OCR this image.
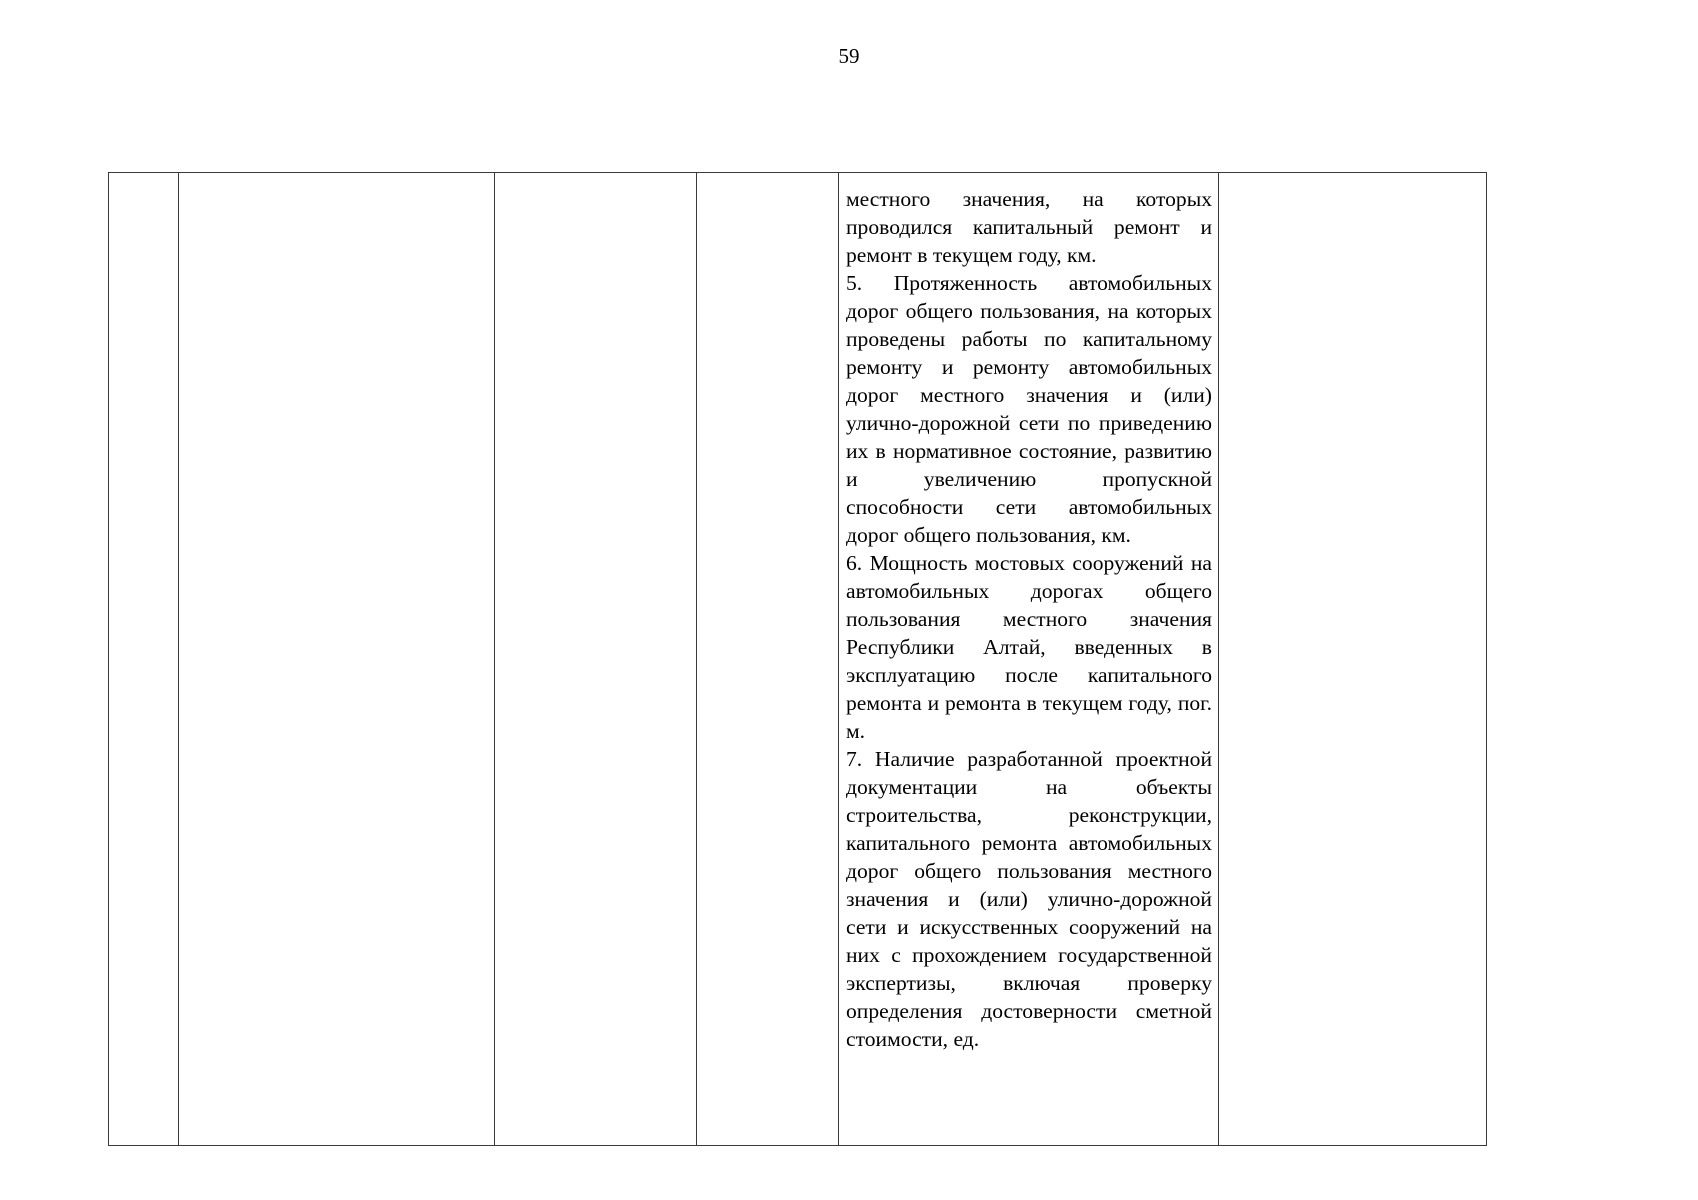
59

местного значения, на которых проводился капитальный ремонт и ремонт в текущем году, км.

5. Протяженность автомобильных дорог общего пользования, на которых проведены работы по капитальному ремонту и ремонту автомобильных дорог местного значения и (или) улично-дорожной сети по приведению их в нормативное состояние, развитию и увеличению пропускной способности сети автомобильных дорог общего пользования, км.

6. Мощность мостовых сооружений на автомобильных дорогах общего пользования местного значения Республики Алтай, введенных в эксплуатацию после капитального ремонта и ремонта в текущем году, пог. м.

7. Наличие разработанной проектной документации на объекты строительства, реконструкции, капитального ремонта автомобильных дорог общего пользования местного значения и (или) улично-дорожной сети и искусственных сооружений на них с прохождением государственной экспертизы, включая проверку определения достоверности сметной стоимости, ед.
